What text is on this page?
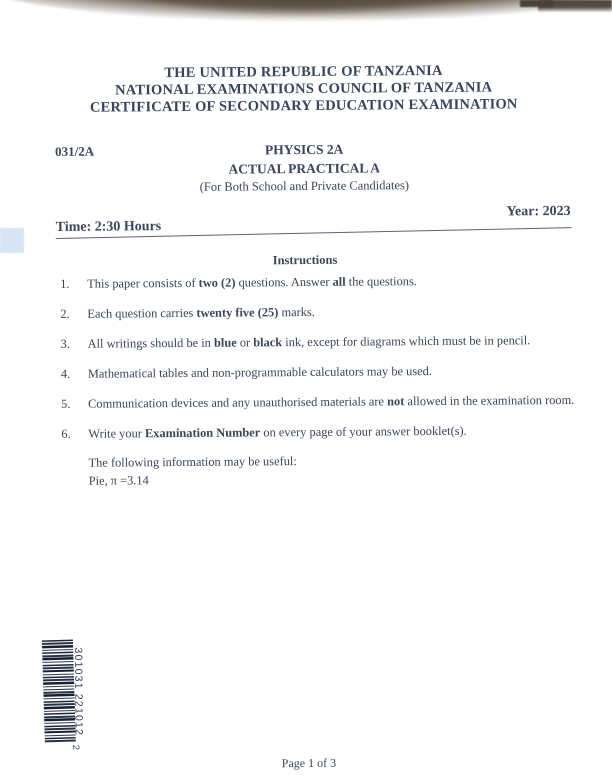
THE UNITED REPUBLIC OF TANZANIA
NATIONAL EXAMINATIONS COUNCIL OF TANZANIA
CERTIFICATE OF SECONDARY EDUCATION EXAMINATION
031/2A	PHYSICS 2A
ACTUAL PRACTICAL A
(For Both School and Private Candidates)
Time: 2:30 Hours
Year: 2023
Instructions
1. This paper consists of two (2) questions. Answer all the questions.
2. Each question carries twenty five (25) marks.
3. All writings should be in blue or black ink, except for diagrams which must be in pencil.
4. Mathematical tables and non-programmable calculators may be used.
5. Communication devices and any unauthorised materials are not allowed in the examination room.
6. Write your Examination Number on every page of your answer booklet(s).
The following information may be useful:
Pie, π =3.14
301031 221012
2
Page 1 of 3
